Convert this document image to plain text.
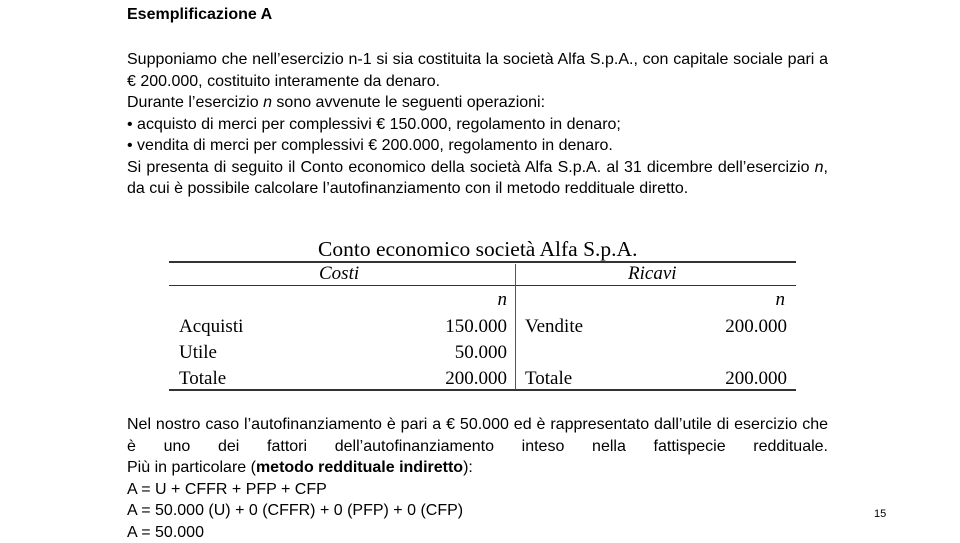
Esemplificazione A

Supponiamo che nell’esercizio n-1 si sia costituita la società Alfa S.p.A., con capitale sociale pari a € 200.000, costituito interamente da denaro.

Durante l’esercizio n sono avvenute le seguenti operazioni:

• acquisto di merci per complessivi € 150.000, regolamento in denaro;

• vendita di merci per complessivi € 200.000, regolamento in denaro.

Si presenta di seguito il Conto economico della società Alfa S.p.A. al 31 dicembre dell’esercizio n, da cui è possibile calcolare l’autofinanziamento con il metodo reddituale diretto.

Conto economico società Alfa S.p.A.
Costi	Ricavi
n	n
Acquisti	150.000 Vendite	200.000
Utile	50.000
Totale	200.000 Totale	200.000

Nel nostro caso l’autofinanziamento è pari a € 50.000 ed è rappresentato dall’utile di esercizio che è uno dei fattori dell’autofinanziamento inteso nella fattispecie reddituale.

Più in particolare (metodo reddituale indiretto):

A = U + CFFR + PFP + CFP

A = 50.000 (U) + 0 (CFFR) + 0 (PFP) + 0 (CFP)

A = 50.000

15
